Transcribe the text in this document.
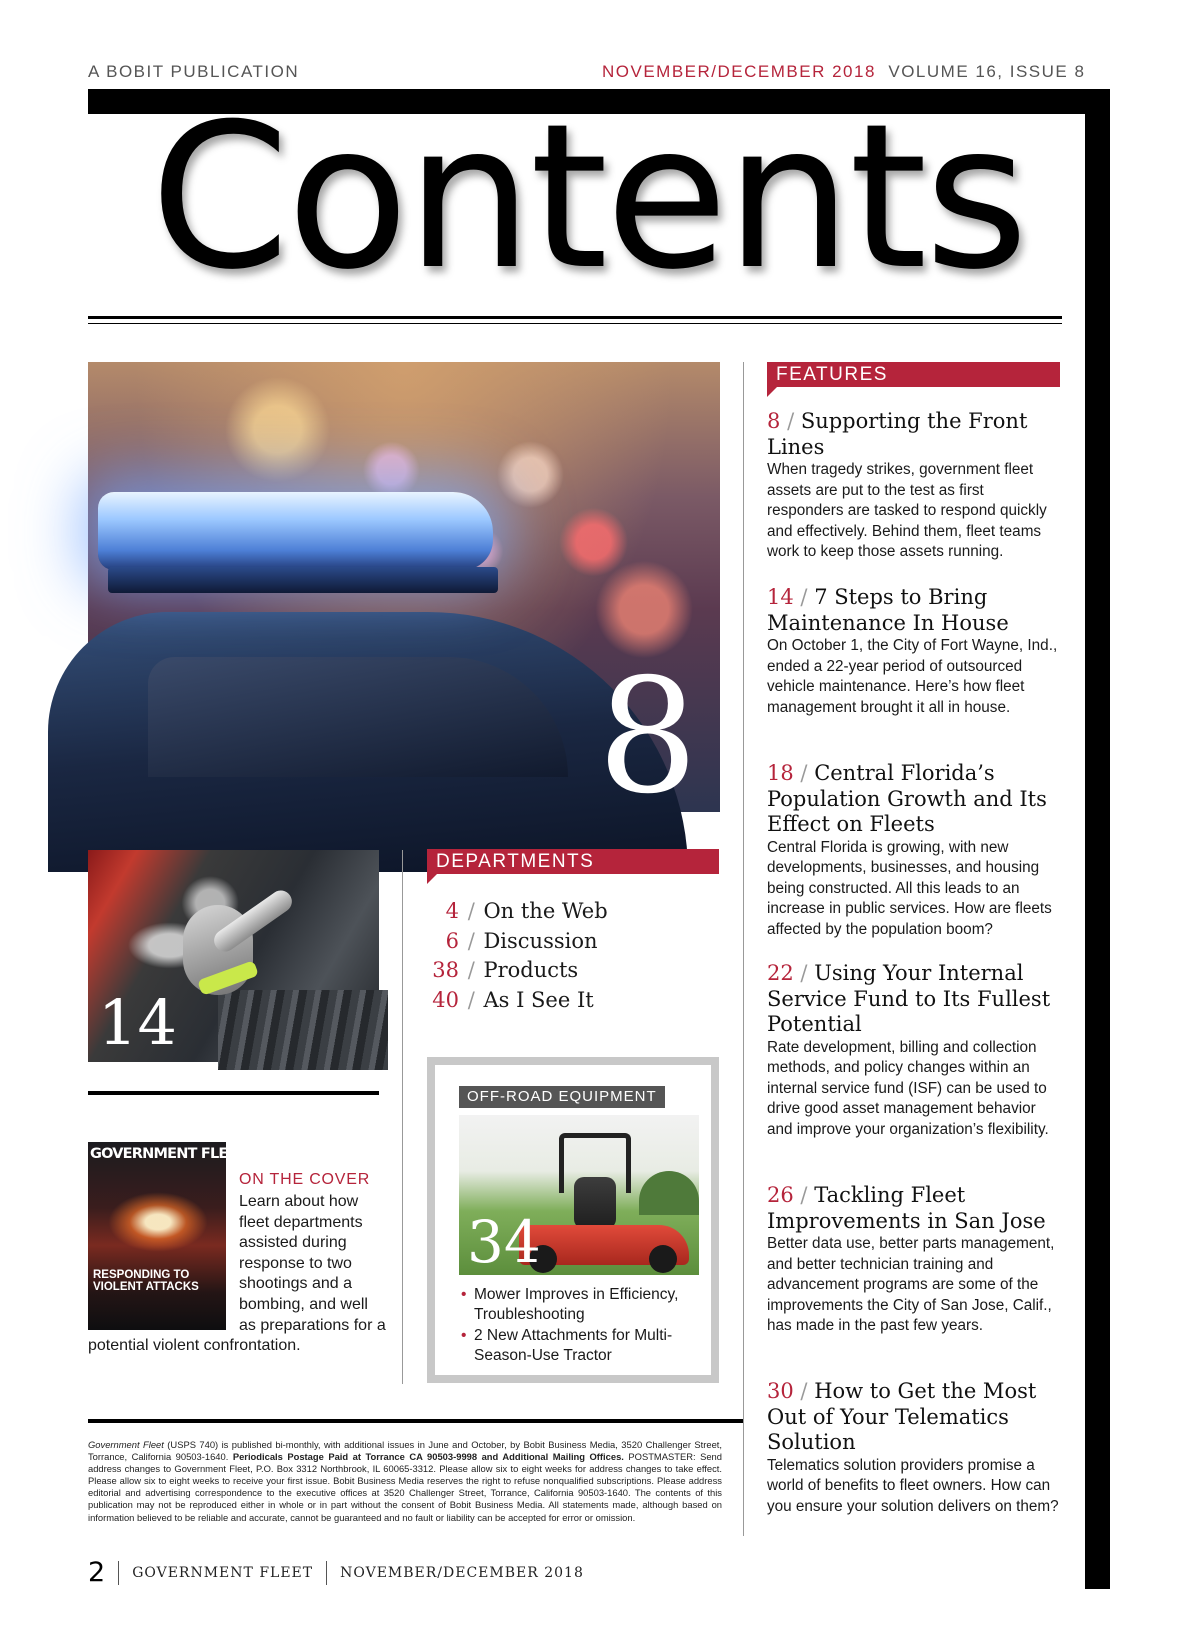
A BOBIT PUBLICATION	NOVEMBER/DECEMBER 2018 VOLUME 16, ISSUE 8
Contents
8
14
GOVERNMENT FLEET
RESPONDING TO VIOLENT ATTACKS
ON THE COVER
Learn about how fleet departments assisted during response to two shootings and a bombing, and well as preparations for a potential violent confrontation.
DEPARTMENTS
4 / On the Web
6 / Discussion
38 / Products
40 / As I See It
OFF-ROAD EQUIPMENT
34
• Mower Improves in Efficiency, Troubleshooting
• 2 New Attachments for Multi-Season-Use Tractor
FEATURES
8 / Supporting the Front Lines
When tragedy strikes, government fleet assets are put to the test as first responders are tasked to respond quickly and effectively. Behind them, fleet teams work to keep those assets running.
14 / 7 Steps to Bring Maintenance In House
On October 1, the City of Fort Wayne, Ind., ended a 22-year period of outsourced vehicle maintenance. Here’s how fleet management brought it all in house.
18 / Central Florida’s Population Growth and Its Effect on Fleets
Central Florida is growing, with new developments, businesses, and housing being constructed. All this leads to an increase in public services. How are fleets affected by the population boom?
22 / Using Your Internal Service Fund to Its Fullest Potential
Rate development, billing and collection methods, and policy changes within an internal service fund (ISF) can be used to drive good asset management behavior and improve your organization’s flexibility.
26 / Tackling Fleet Improvements in San Jose
Better data use, better parts management, and better technician training and advancement programs are some of the improvements the City of San Jose, Calif., has made in the past few years.
30 / How to Get the Most Out of Your Telematics Solution
Telematics solution providers promise a world of benefits to fleet owners. How can you ensure your solution delivers on them?
Government Fleet (USPS 740) is published bi-monthly, with additional issues in June and October, by Bobit Business Media, 3520 Challenger Street, Torrance, California 90503-1640. Periodicals Postage Paid at Torrance CA 90503-9998 and Additional Mailing Offices. POSTMASTER: Send address changes to Government Fleet, P.O. Box 3312 Northbrook, IL 60065-3312. Please allow six to eight weeks for address changes to take effect. Please allow six to eight weeks to receive your first issue. Bobit Business Media reserves the right to refuse nonqualified subscriptions. Please address editorial and advertising correspondence to the executive offices at 3520 Challenger Street, Torrance, California 90503-1640. The contents of this publication may not be reproduced either in whole or in part without the consent of Bobit Business Media. All statements made, although based on information believed to be reliable and accurate, cannot be guaranteed and no fault or liability can be accepted for error or omission.
2 GOVERNMENT FLEET NOVEMBER/DECEMBER 2018
